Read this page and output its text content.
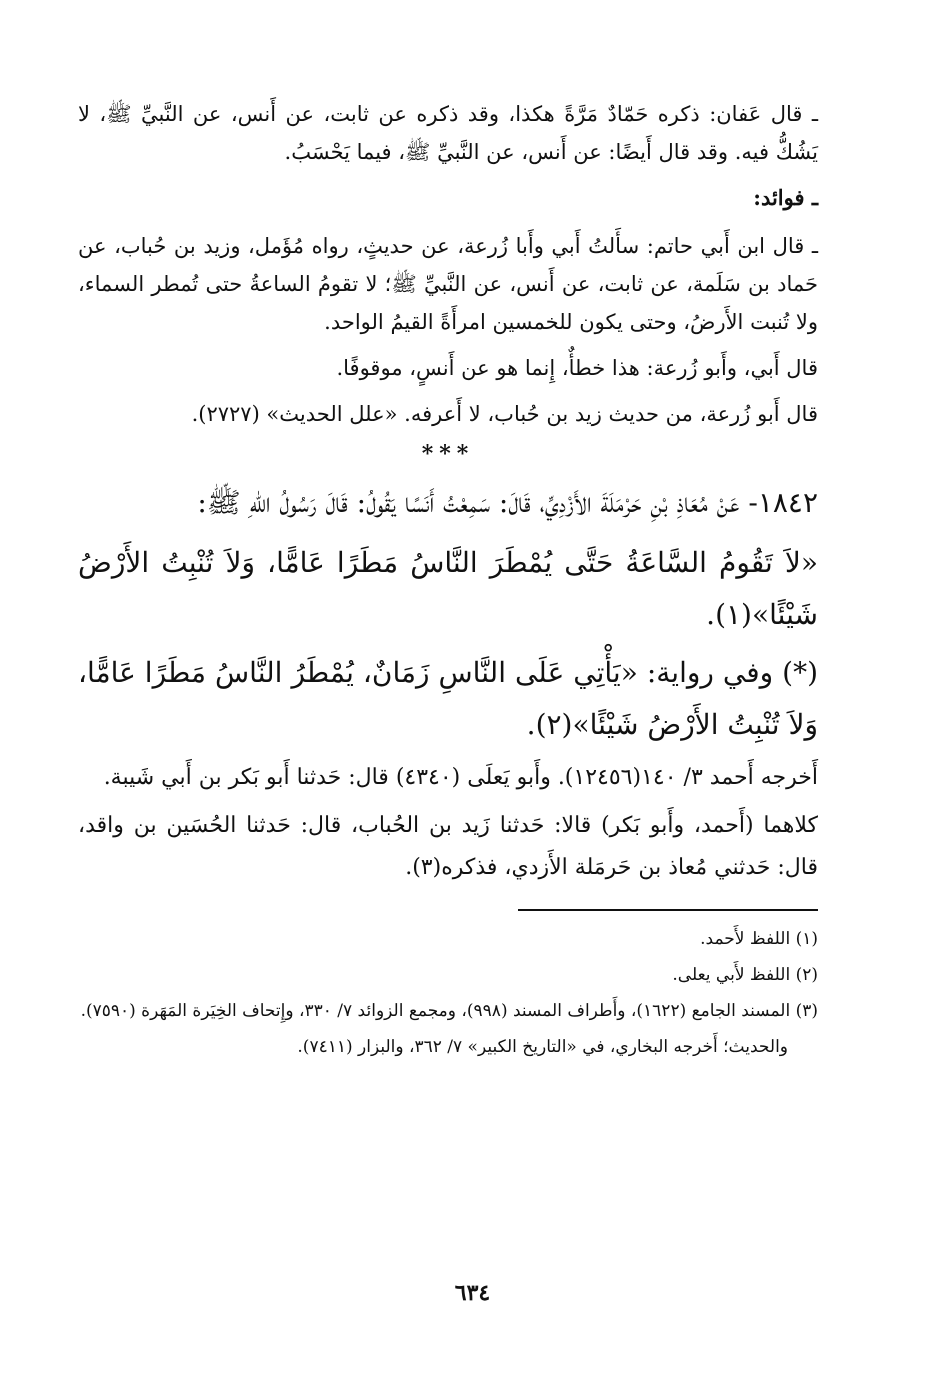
ـ قال عَفان: ذكره حَمّادٌ مَرَّةً هكذا، وقد ذكره عن ثابت، عن أَنس، عن النَّبيِّ ﷺ، لا يَشُكُّ فيه. وقد قال أَيضًا: عن أَنس، عن النَّبيِّ ﷺ، فيما يَحْسَبُ.

ـ فوائد:

ـ قال ابن أَبي حاتم: سأَلتُ أَبي وأَبا زُرعة، عن حديثٍ، رواه مُؤَمل، وزيد بن حُباب، عن حَماد بن سَلَمة، عن ثابت، عن أَنس، عن النَّبيِّ ﷺ؛ لا تقومُ الساعةُ حتى تُمطر السماء، ولا تُنبت الأَرضُ، وحتى يكون للخمسين امرأَةً القيمُ الواحد.

قال أَبي، وأَبو زُرعة: هذا خطأٌ، إِنما هو عن أَنسٍ، موقوفًا.

قال أَبو زُرعة، من حديث زيد بن حُباب، لا أَعرفه. «علل الحديث» (٢٧٢٧).

***

١٨٤٢- عَنْ مُعَاذِ بْنِ حَرْمَلَةَ الأَزْدِيِّ، قَالَ: سَمِعْتُ أَنَسًا يَقُولُ: قَالَ رَسُولُ اللهِ ﷺ:

«لاَ تَقُومُ السَّاعَةُ حَتَّى يُمْطَرَ النَّاسُ مَطَرًا عَامًّا، وَلاَ تُنْبِتُ الأَرْضُ شَيْئًا»(١).

(*) وفي رواية: «يَأْتِي عَلَى النَّاسِ زَمَانٌ، يُمْطَرُ النَّاسُ مَطَرًا عَامًّا، وَلاَ تُنْبِتُ الأَرْضُ شَيْئًا»(٢).

أَخرجه أَحمد ٣/ ١٤٠(١٢٤٥٦). وأَبو يَعلَى (٤٣٤٠) قال: حَدثنا أَبو بَكر بن أَبي شَيبة.

كلاهما (أَحمد، وأَبو بَكر) قالا: حَدثنا زَيد بن الحُباب، قال: حَدثنا الحُسَين بن واقد، قال: حَدثني مُعاذ بن حَرمَلة الأَزدي، فذكره(٣).

(١) اللفظ لأَحمد.

(٢) اللفظ لأَبي يعلى.

(٣) المسند الجامع (١٦٢٢)، وأَطراف المسند (٩٩٨)، ومجمع الزوائد ٧/ ٣٣٠، وإِتحاف الخِيَرة المَهَرة (٧٥٩٠).

والحديث؛ أَخرجه البخاري، في «التاريخ الكبير» ٧/ ٣٦٢، والبزار (٧٤١١).

٦٣٤
